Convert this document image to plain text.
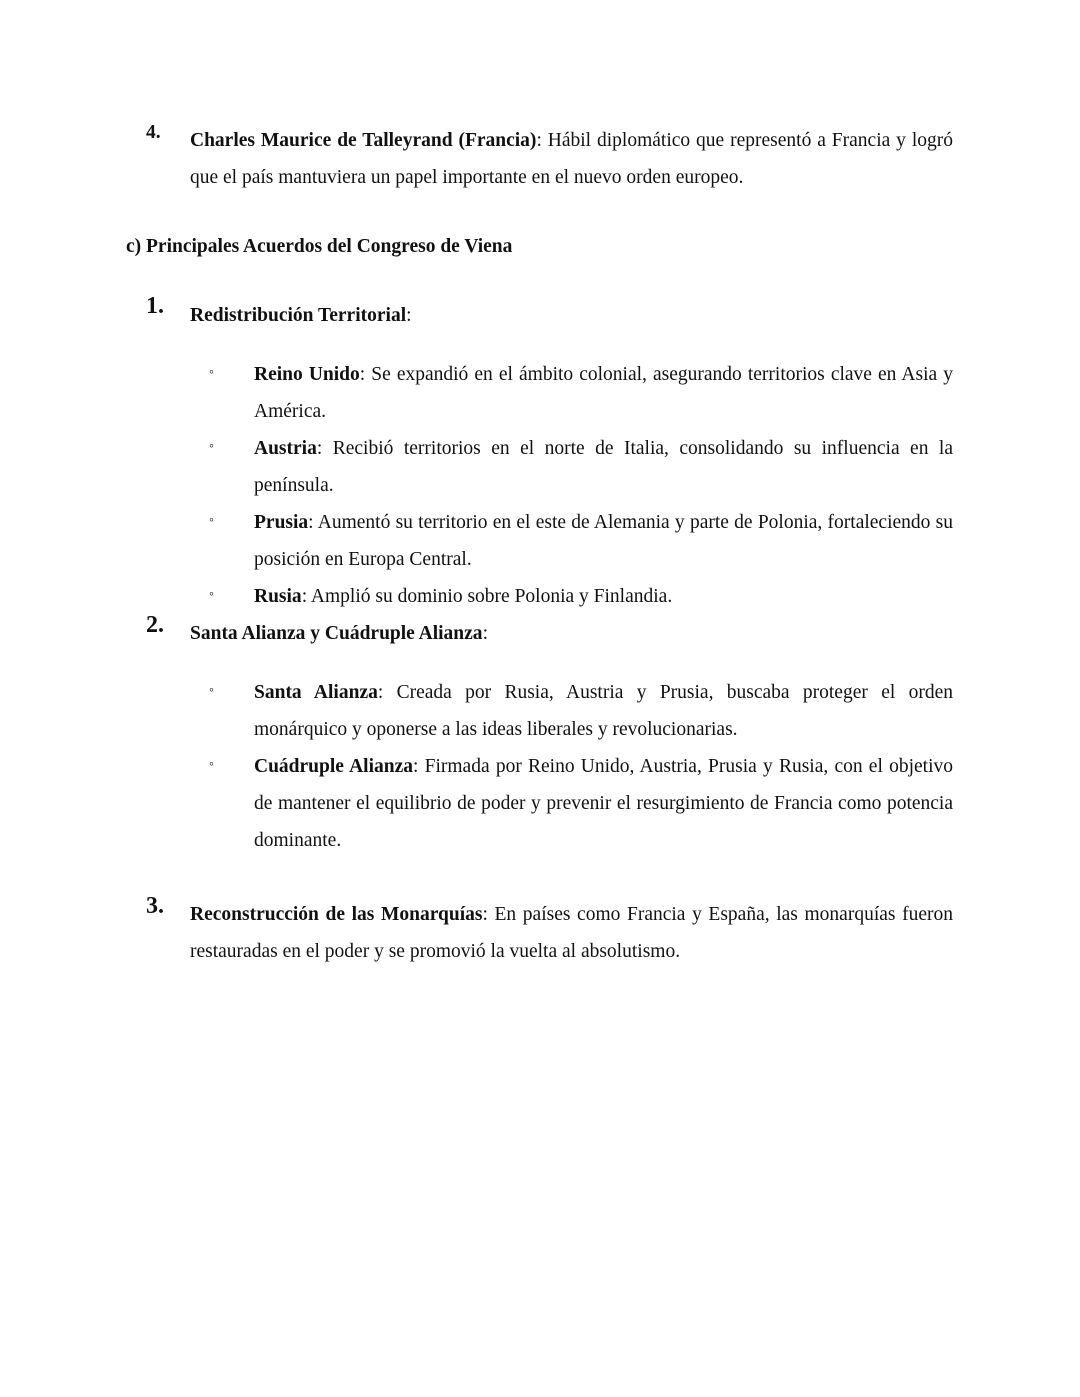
4. Charles Maurice de Talleyrand (Francia): Hábil diplomático que representó a Francia y logró que el país mantuviera un papel importante en el nuevo orden europeo.
c) Principales Acuerdos del Congreso de Viena
1. Redistribución Territorial:
◦ Reino Unido: Se expandió en el ámbito colonial, asegurando territorios clave en Asia y América.
◦ Austria: Recibió territorios en el norte de Italia, consolidando su influencia en la península.
◦ Prusia: Aumentó su territorio en el este de Alemania y parte de Polonia, fortaleciendo su posición en Europa Central.
◦ Rusia: Amplió su dominio sobre Polonia y Finlandia.
2. Santa Alianza y Cuádruple Alianza:
◦ Santa Alianza: Creada por Rusia, Austria y Prusia, buscaba proteger el orden monárquico y oponerse a las ideas liberales y revolucionarias.
◦ Cuádruple Alianza: Firmada por Reino Unido, Austria, Prusia y Rusia, con el objetivo de mantener el equilibrio de poder y prevenir el resurgimiento de Francia como potencia dominante.
3. Reconstrucción de las Monarquías: En países como Francia y España, las monarquías fueron restauradas en el poder y se promovió la vuelta al absolutismo.
